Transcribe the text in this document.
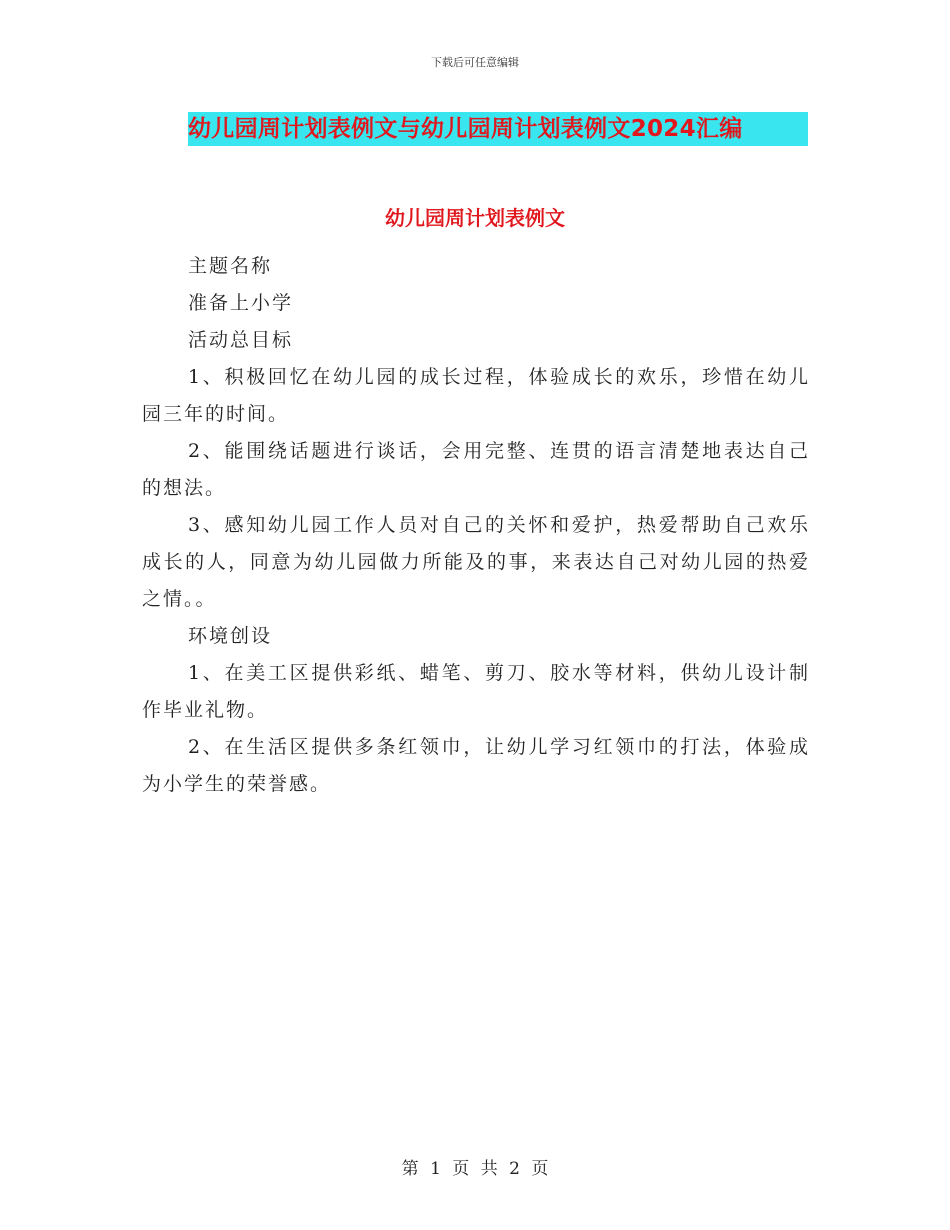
下载后可任意编辑
幼儿园周计划表例文与幼儿园周计划表例文2024汇编
幼儿园周计划表例文

主题名称

准备上小学

活动总目标

1、积极回忆在幼儿园的成长过程，体验成长的欢乐，珍惜在幼儿园三年的时间。

2、能围绕话题进行谈话，会用完整、连贯的语言清楚地表达自己的想法。

3、感知幼儿园工作人员对自己的关怀和爱护，热爱帮助自己欢乐成长的人，同意为幼儿园做力所能及的事，来表达自己对幼儿园的热爱之情。。

环境创设

1、在美工区提供彩纸、蜡笔、剪刀、胶水等材料，供幼儿设计制作毕业礼物。

2、在生活区提供多条红领巾，让幼儿学习红领巾的打法，体验成为小学生的荣誉感。

第 1 页 共 2 页
